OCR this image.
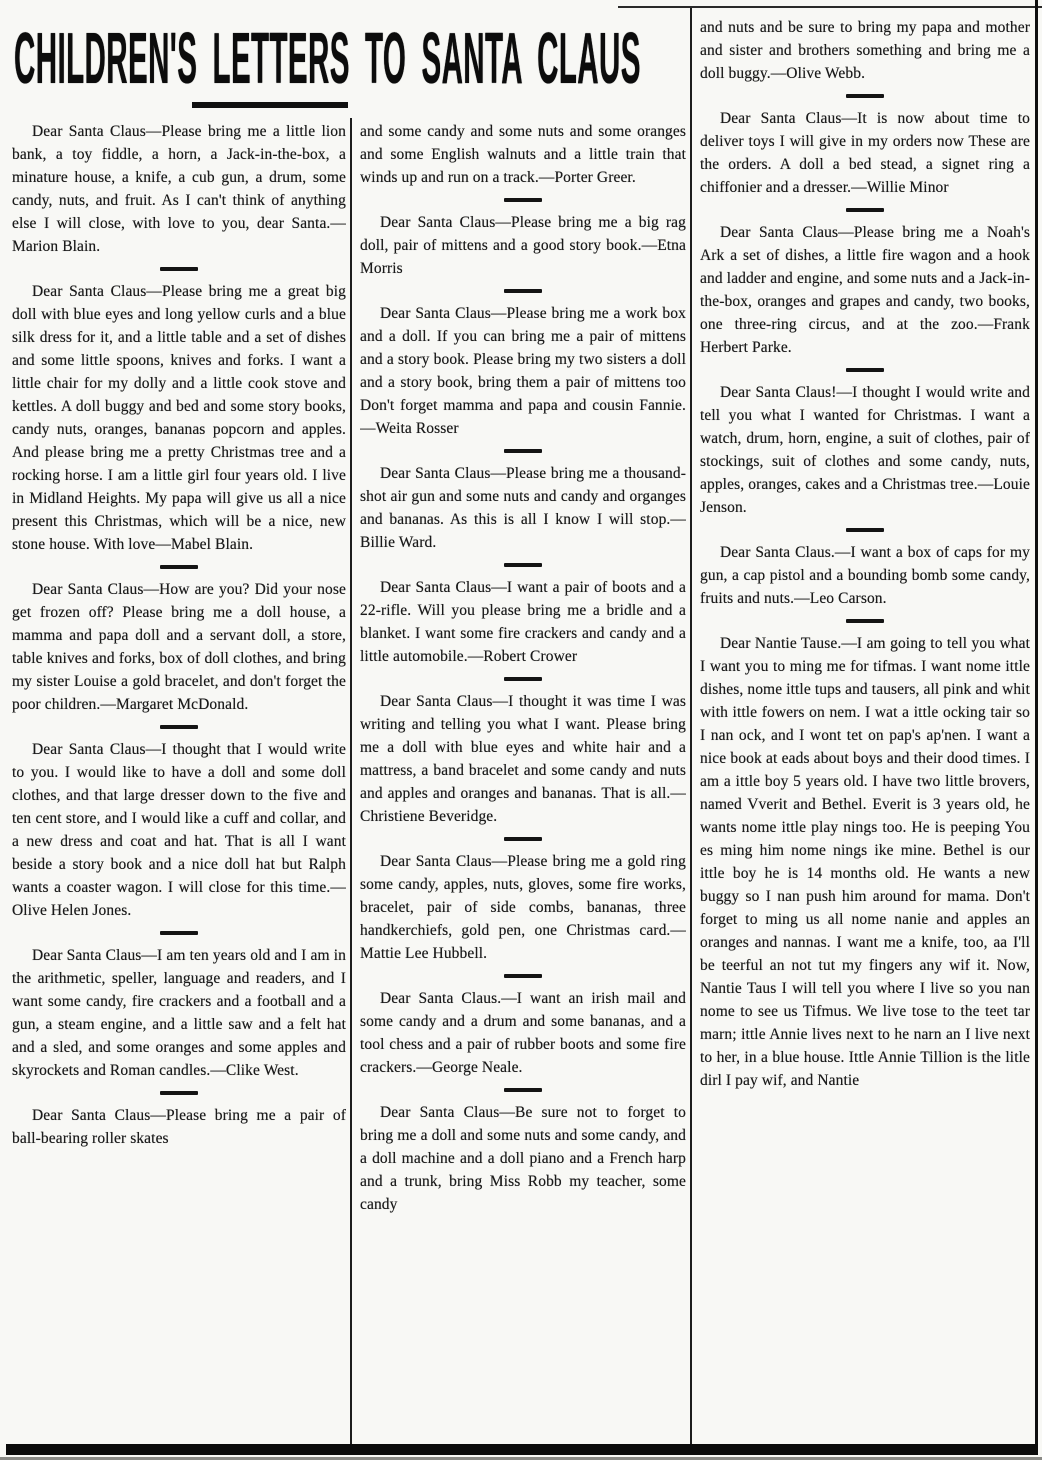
CHILDREN'S LETTERS TO SANTA CLAUS

Dear Santa Claus—Please bring me a little lion bank, a toy fiddle, a horn, a Jack-in-the-box, a minature house, a knife, a cub gun, a drum, some candy, nuts, and fruit. As I can't think of anything else I will close, with love to you, dear Santa.—Marion Blain.

Dear Santa Claus—Please bring me a great big doll with blue eyes and long yellow curls and a blue silk dress for it, and a little table and a set of dishes and some little spoons, knives and forks. I want a little chair for my dolly and a little cook stove and kettles. A doll buggy and bed and some story books, candy nuts, oranges, bananas popcorn and apples. And please bring me a pretty Christmas tree and a rocking horse. I am a little girl four years old. I live in Midland Heights. My papa will give us all a nice present this Christmas, which will be a nice, new stone house. With love—Mabel Blain.

Dear Santa Claus—How are you? Did your nose get frozen off? Please bring me a doll house, a mamma and papa doll and a servant doll, a store, table knives and forks, box of doll clothes, and bring my sister Louise a gold bracelet, and don't forget the poor children.—Margaret McDonald.

Dear Santa Claus—I thought that I would write to you. I would like to have a doll and some doll clothes, and that large dresser down to the five and ten cent store, and I would like a cuff and collar, and a new dress and coat and hat. That is all I want beside a story book and a nice doll hat but Ralph wants a coaster wagon. I will close for this time.—Olive Helen Jones.

Dear Santa Claus—I am ten years old and I am in the arithmetic, speller, language and readers, and I want some candy, fire crackers and a football and a gun, a steam engine, and a little saw and a felt hat and a sled, and some oranges and some apples and skyrockets and Roman candles.—Clike West.

Dear Santa Claus—Please bring me a pair of ball-bearing roller skates

and some candy and some nuts and some oranges and some English walnuts and a little train that winds up and run on a track.—Porter Greer.

Dear Santa Claus—Please bring me a big rag doll, pair of mittens and a good story book.—Etna Morris

Dear Santa Claus—Please bring me a work box and a doll. If you can bring me a pair of mittens and a story book. Please bring my two sisters a doll and a story book, bring them a pair of mittens too Don't forget mamma and papa and cousin Fannie.—Weita Rosser

Dear Santa Claus—Please bring me a thousand-shot air gun and some nuts and candy and organges and bananas. As this is all I know I will stop.—Billie Ward.

Dear Santa Claus—I want a pair of boots and a 22-rifle. Will you please bring me a bridle and a blanket. I want some fire crackers and candy and a little automobile.—Robert Crower

Dear Santa Claus—I thought it was time I was writing and telling you what I want. Please bring me a doll with blue eyes and white hair and a mattress, a band bracelet and some candy and nuts and apples and oranges and bananas. That is all.—Christiene Beveridge.

Dear Santa Claus—Please bring me a gold ring some candy, apples, nuts, gloves, some fire works, bracelet, pair of side combs, bananas, three handkerchiefs, gold pen, one Christmas card.—Mattie Lee Hubbell.

Dear Santa Claus.—I want an irish mail and some candy and a drum and some bananas, and a tool chess and a pair of rubber boots and some fire crackers.—George Neale.

Dear Santa Claus—Be sure not to forget to bring me a doll and some nuts and some candy, and a doll machine and a doll piano and a French harp and a trunk, bring Miss Robb my teacher, some candy

and nuts and be sure to bring my papa and mother and sister and brothers something and bring me a doll buggy.—Olive Webb.

Dear Santa Claus—It is now about time to deliver toys I will give in my orders now These are the orders. A doll a bed stead, a signet ring a chiffonier and a dresser.—Willie Minor

Dear Santa Claus—Please bring me a Noah's Ark a set of dishes, a little fire wagon and a hook and ladder and engine, and some nuts and a Jack-in-the-box, oranges and grapes and candy, two books, one three-ring circus, and at the zoo.—Frank Herbert Parke.

Dear Santa Claus!—I thought I would write and tell you what I wanted for Christmas. I want a watch, drum, horn, engine, a suit of clothes, pair of stockings, suit of clothes and some candy, nuts, apples, oranges, cakes and a Christmas tree.—Louie Jenson.

Dear Santa Claus.—I want a box of caps for my gun, a cap pistol and a bounding bomb some candy, fruits and nuts.—Leo Carson.

Dear Nantie Tause.—I am going to tell you what I want you to ming me for tifmas. I want nome ittle dishes, nome ittle tups and tausers, all pink and whit with ittle fowers on nem. I wat a ittle ocking tair so I nan ock, and I wont tet on pap's ap'nen. I want a nice book at eads about boys and their dood times. I am a ittle boy 5 years old. I have two little brovers, named Vverit and Bethel. Everit is 3 years old, he wants nome ittle play nings too. He is peeping You es ming him nome nings ike mine. Bethel is our ittle boy he is 14 months old. He wants a new buggy so I nan push him around for mama. Don't forget to ming us all nome nanie and apples an oranges and nannas. I want me a knife, too, aa I'll be teerful an not tut my fingers any wif it. Now, Nantie Taus I will tell you where I live so you nan nome to see us Tifmus. We live tose to the teet tar marn; ittle Annie lives next to he narn an I live next to her, in a blue house. Ittle Annie Tillion is the litle dirl I pay wif, and Nantie
